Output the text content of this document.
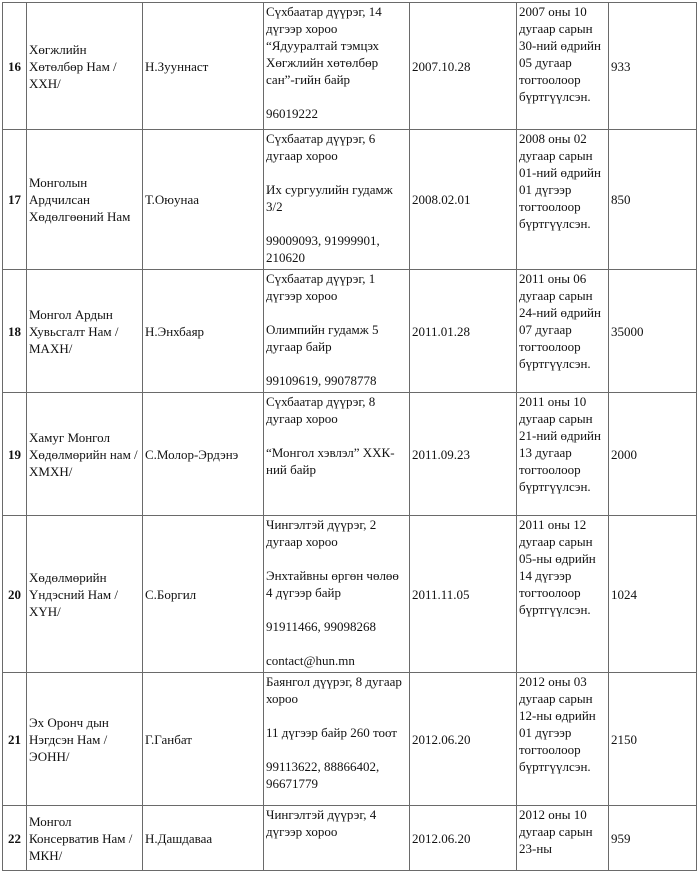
16	Хөгжлийн Хөтөлбөр Нам /ХХН/	Н.Зууннаст	Сүхбаатар дүүрэг, 14 дүгээр хороо “Ядууралтай тэмцэх Хөгжлийн хөтөлбөр сан”-гийн байр
96019222	2007.10.28	2007 оны 10 дугаар сарын 30-ний өдрийн 05 дугаар тогтоолоор бүртгүүлсэн.	933
17	Монголын Ардчилсан Хөдөлгөөний Нам	Т.Оюунаа	Сүхбаатар дүүрэг, 6 дугаар хороо
Их сургуулийн гудамж 3/2
99009093, 91999901, 210620	2008.02.01	2008 оны 02 дугаар сарын 01-ний өдрийн 01 дүгээр тогтоолоор бүртгүүлсэн.	850
18	Монгол Ардын Хувьсгалт Нам /МАХН/	Н.Энхбаяр	Сүхбаатар дүүрэг, 1 дүгээр хороо
Олимпийн гудамж 5 дугаар байр
99109619, 99078778	2011.01.28	2011 оны 06 дугаар сарын 24-ний өдрийн 07 дугаар тогтоолоор бүртгүүлсэн.	35000
19	Хамуг Монгол Хөдөлмөрийн нам /ХМХН/	С.Молор-Эрдэнэ	Сүхбаатар дүүрэг, 8 дугаар хороо
“Монгол хэвлэл” ХХК-ний байр	2011.09.23	2011 оны 10 дугаар сарын 21-ний өдрийн 13 дугаар тогтоолоор бүртгүүлсэн.	2000
20	Хөдөлмөрийн Үндэсний Нам /ХҮН/	С.Боргил	Чингэлтэй дүүрэг, 2 дугаар хороо
Энхтайвны өргөн чөлөө 4 дүгээр байр
91911466, 99098268
contact@hun.mn	2011.11.05	2011 оны 12 дугаар сарын 05-ны өдрийн 14 дүгээр тогтоолоор бүртгүүлсэн.	1024
21	Эх Оронч дын Нэгдсэн Нам /ЭОНН/	Г.Ганбат	Баянгол дүүрэг, 8 дугаар хороо
11 дүгээр байр 260 тоот
99113622, 88866402, 96671779	2012.06.20	2012 оны 03 дугаар сарын 12-ны өдрийн 01 дүгээр тогтоолоор бүртгүүлсэн.	2150
22	Монгол Консерватив Нам /МКН/	Н.Дашдаваа	Чингэлтэй дүүрэг, 4 дүгээр хороо	2012.06.20	2012 оны 10 дугаар сарын 23-ны	959
